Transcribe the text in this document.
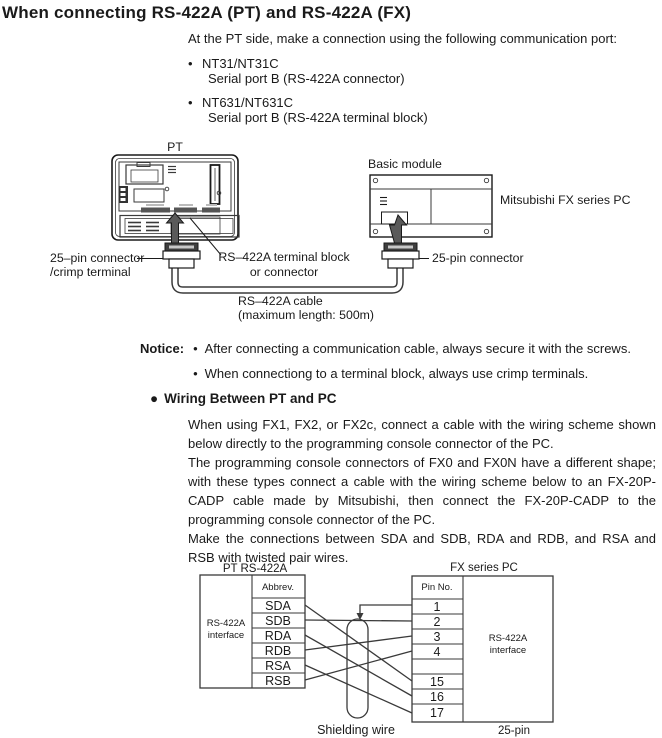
When connecting RS-422A (PT) and RS-422A (FX)

At the PT side, make a connection using the following communication port:

• NT31/NT31C
Serial port B (RS-422A connector)
• NT631/NT631C
Serial port B (RS-422A terminal block)
PT
Basic module
Mitsubishi FX series PC
25–pin connector
/crimp terminal
RS–422A terminal block
or connector
25-pin connector
RS–422A cable
(maximum length: 500m)
Notice: • After connecting a communication cable, always secure it with the screws.
• When connectiong to a terminal block, always use crimp terminals.
● Wiring Between PT and PC

When using FX1, FX2, or FX2c, connect a cable with the wiring scheme shown below directly to the programming console connector of the PC.

The programming console connectors of FX0 and FX0N have a different shape; with these types connect a cable with the wiring scheme below to an FX-20P-CADP cable made by Mitsubishi, then connect the FX-20P-CADP to the programming console connector of the PC.

Make the connections between SDA and SDB, RDA and RDB, and RSA and RSB with twisted pair wires.

PT RS-422A
RS-422A
interface
Abbrev.
SDA
SDB
RDA
RDB
RSA
RSB
FX series PC
Pin No.
1
2
3
4
15
16
17
RS-422A
interface
25-pin
Shielding wire
